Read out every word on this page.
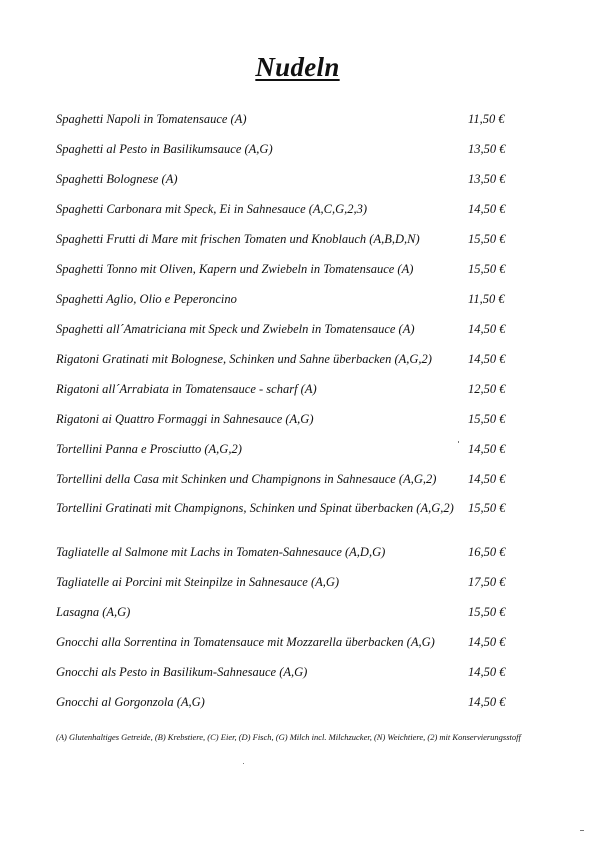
Nudeln
Spaghetti Napoli in Tomatensauce (A)	11,50 €
Spaghetti al Pesto in Basilikumsauce (A,G)	13,50 €
Spaghetti Bolognese (A)	13,50 €
Spaghetti Carbonara mit Speck, Ei in Sahnesauce (A,C,G,2,3)	14,50 €
Spaghetti Frutti di Mare mit frischen Tomaten und Knoblauch (A,B,D,N)	15,50 €
Spaghetti Tonno mit Oliven, Kapern und Zwiebeln in Tomatensauce (A)	15,50 €
Spaghetti Aglio, Olio e Peperoncino	11,50 €
Spaghetti all´Amatriciana mit Speck und Zwiebeln in Tomatensauce (A)	14,50 €
Rigatoni Gratinati mit Bolognese, Schinken und Sahne überbacken (A,G,2)	14,50 €
Rigatoni all´Arrabiata in Tomatensauce - scharf (A)	12,50 €
Rigatoni ai Quattro Formaggi in Sahnesauce (A,G)	15,50 €
Tortellini Panna e Prosciutto (A,G,2)	14,50 €
Tortellini della Casa mit Schinken und Champignons in Sahnesauce (A,G,2)	14,50 €
Tortellini Gratinati mit Champignons, Schinken und Spinat überbacken (A,G,2) 15,50 €
Tagliatelle al Salmone mit Lachs in Tomaten-Sahnesauce (A,D,G)	16,50 €
Tagliatelle ai Porcini mit Steinpilze in Sahnesauce (A,G)	17,50 €
Lasagna (A,G)	15,50 €
Gnocchi alla Sorrentina in Tomatensauce mit Mozzarella überbacken (A,G)	14,50 €
Gnocchi als Pesto in Basilikum-Sahnesauce (A,G)	14,50 €
Gnocchi al Gorgonzola (A,G)	14,50 €
(A) Glutenhaltiges Getreide, (B) Krebstiere, (C) Eier, (D) Fisch, (G) Milch incl. Milchzucker, (N) Weichtiere, (2) mit Konservierungsstoff
